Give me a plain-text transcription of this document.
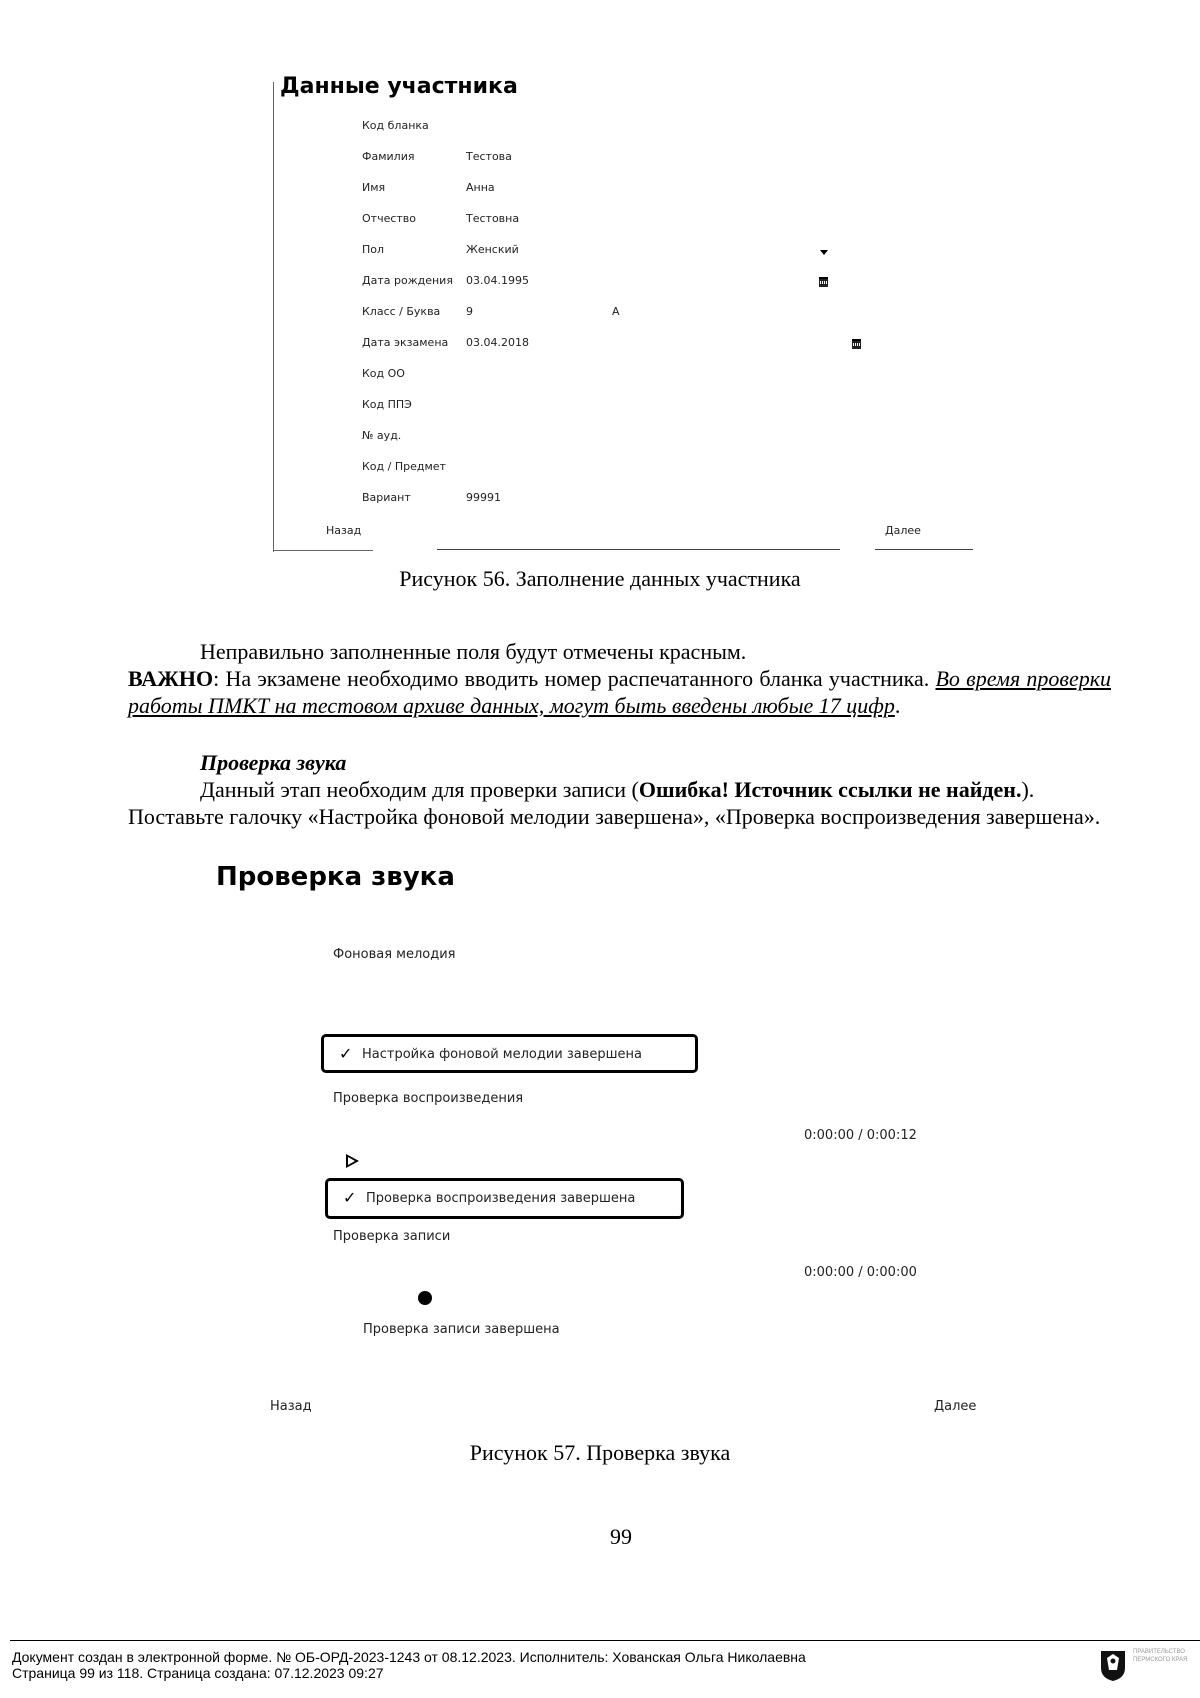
Данные участника
Код бланка
Фамилия	Тестова
Имя	Анна
Отчество	Тестовна
Пол	Женский
Дата рождения 03.04.1995
Класс / Буква 9	А
Дата экзамена 03.04.2018
Код ОО
Код ППЭ
№ ауд.
Код / Предмет
Вариант	99991
Назад	Далее
Рисунок 56. Заполнение данных участника
Неправильно заполненные поля будут отмечены красным.
ВАЖНО: На экзамене необходимо вводить номер распечатанного бланка участника. Во время проверки работы ПМКТ на тестовом архиве данных, могут быть введены любые 17 цифр.
Проверка звука
Данный этап необходим для проверки записи (Ошибка! Источник ссылки не найден.).
Поставьте галочку «Настройка фоновой мелодии завершена», «Проверка воспроизведения завершена».
Проверка звука
Фоновая мелодия
✓ Настройка фоновой мелодии завершена
Проверка воспроизведения
0:00:00 / 0:00:12
✓ Проверка воспроизведения завершена
Проверка записи
0:00:00 / 0:00:00
Проверка записи завершена
Назад	Далее
Рисунок 57. Проверка звука
99
Документ создан в электронной форме. № ОБ-ОРД-2023-1243 от 08.12.2023. Исполнитель: Хованская Ольга Николаевна
Страница 99 из 118. Страница создана: 07.12.2023 09:27
ПРАВИТЕЛЬСТВО ПЕРМСКОГО КРАЯ
